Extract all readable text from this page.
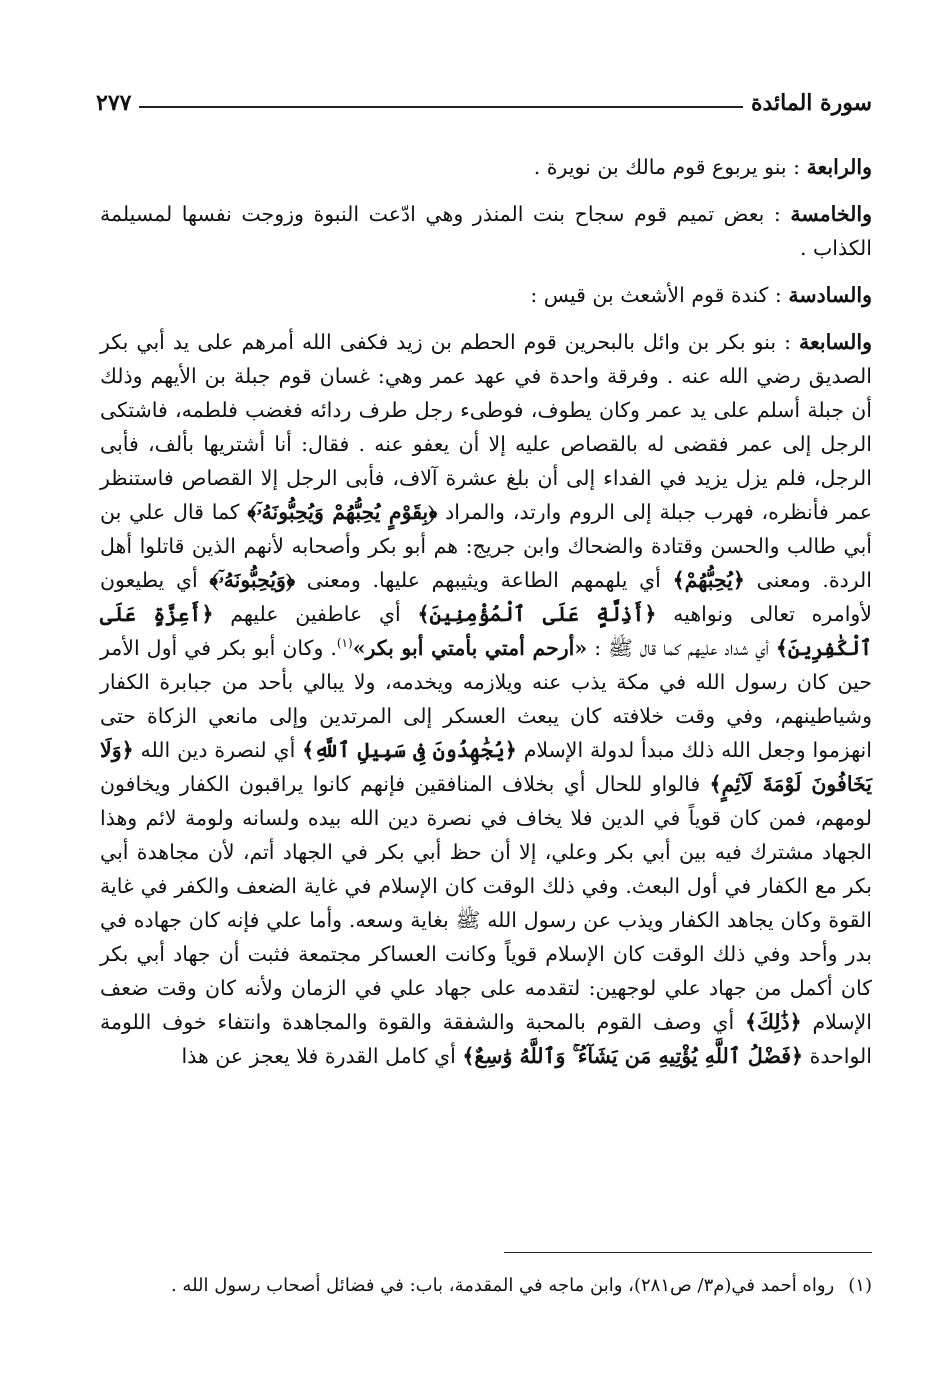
سورة المائدة
٢٧٧

والرابعة : بنو يربوع قوم مالك بن نويرة .

والخامسة : بعض تميم قوم سجاح بنت المنذر وهي ادّعت النبوة وزوجت نفسها لمسيلمة الكذاب .

والسادسة : كندة قوم الأشعث بن قيس :

والسابعة : بنو بكر بن وائل بالبحرين قوم الحطم بن زيد فكفى الله أمرهم على يد أبي بكر الصديق رضي الله عنه . وفرقة واحدة في عهد عمر وهي: غسان قوم جبلة بن الأيهم وذلك أن جبلة أسلم على يد عمر وكان يطوف، فوطىء رجل طرف ردائه فغضب فلطمه، فاشتكى الرجل إلى عمر فقضى له بالقصاص عليه إلا أن يعفو عنه . فقال: أنا أشتريها بألف، فأبى الرجل، فلم يزل يزيد في الفداء إلى أن بلغ عشرة آلاف، فأبى الرجل إلا القصاص فاستنظر عمر فأنظره، فهرب جبلة إلى الروم وارتد، والمراد ﴿بِقَوْمٍ يُحِبُّهُمْ وَيُحِبُّونَهُۥٓ﴾ كما قال علي بن أبي طالب والحسن وقتادة والضحاك وابن جريج: هم أبو بكر وأصحابه لأنهم الذين قاتلوا أهل الردة. ومعنى ﴿يُحِبُّهُمْ﴾ أي يلهمهم الطاعة ويثيبهم عليها. ومعنى ﴿وَيُحِبُّونَهُۥٓ﴾ أي يطيعون لأوامره تعالى ونواهيه ﴿أَذِلَّةٍ عَلَى ٱلْمُؤْمِنِينَ﴾ أي عاطفين عليهم ﴿أَعِزَّةٍ عَلَى ٱلْكَٰفِرِينَ﴾ أي شداد عليهم كما قال ﷺ : «أرحم أمتي بأمتي أبو بكر»$^{(١)}$. وكان أبو بكر في أول الأمر حين كان رسول الله في مكة يذب عنه ويلازمه ويخدمه، ولا يبالي بأحد من جبابرة الكفار وشياطينهم، وفي وقت خلافته كان يبعث العسكر إلى المرتدين وإلى مانعي الزكاة حتى انهزموا وجعل الله ذلك مبدأ لدولة الإسلام ﴿يُجَٰهِدُونَ فِى سَبِيلِ ٱللَّهِ﴾ أي لنصرة دين الله ﴿وَلَا يَخَافُونَ لَوْمَةَ لَآئِمٍ﴾ فالواو للحال أي بخلاف المنافقين فإنهم كانوا يراقبون الكفار ويخافون لومهم، فمن كان قوياً في الدين فلا يخاف في نصرة دين الله بيده ولسانه ولومة لائم وهذا الجهاد مشترك فيه بين أبي بكر وعلي، إلا أن حظ أبي بكر في الجهاد أتم، لأن مجاهدة أبي بكر مع الكفار في أول البعث. وفي ذلك الوقت كان الإسلام في غاية الضعف والكفر في غاية القوة وكان يجاهد الكفار ويذب عن رسول الله ﷺ بغاية وسعه. وأما علي فإنه كان جهاده في بدر وأحد وفي ذلك الوقت كان الإسلام قوياً وكانت العساكر مجتمعة فثبت أن جهاد أبي بكر كان أكمل من جهاد علي لوجهين: لتقدمه على جهاد علي في الزمان ولأنه كان وقت ضعف الإسلام ﴿ذَٰلِكَ﴾ أي وصف القوم بالمحبة والشفقة والقوة والمجاهدة وانتفاء خوف اللومة الواحدة ﴿فَضْلُ ٱللَّهِ يُؤْتِيهِ مَن يَشَآءُ ۚ وَٱللَّهُ وَٰسِعٌ﴾ أي كامل القدرة فلا يعجز عن هذا

(١)رواه أحمد في(م٣/ ص٢٨١)، وابن ماجه في المقدمة، باب: في فضائل أصحاب رسول الله .
